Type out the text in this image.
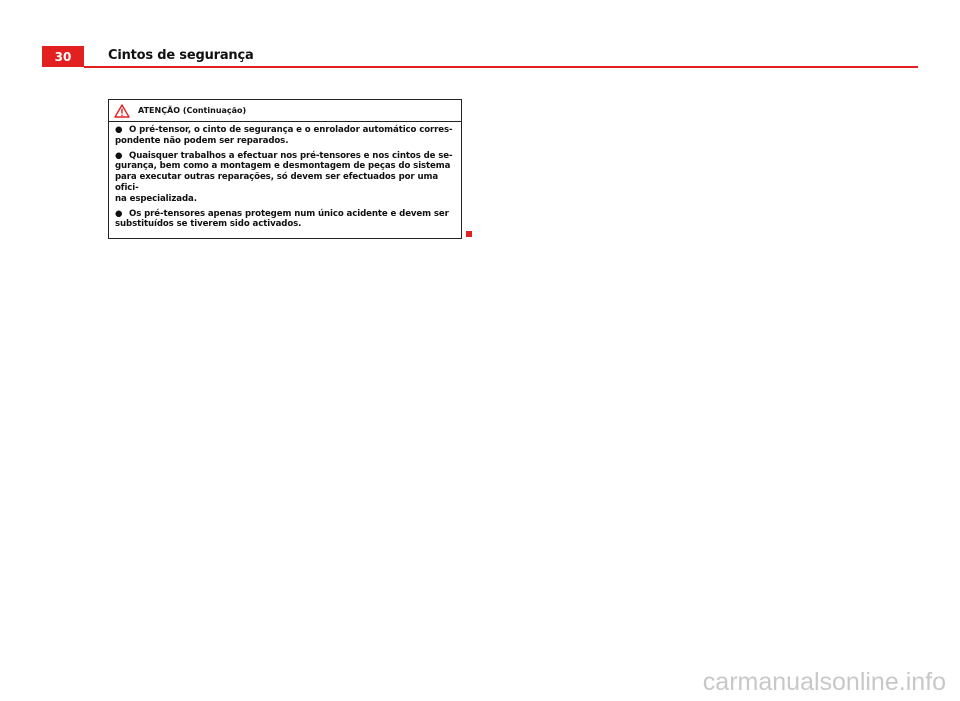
30	Cintos de segurança
ATENÇÃO (Continuação)

● O pré-tensor, o cinto de segurança e o enrolador automático corres-
pondente não podem ser reparados.

● Quaisquer trabalhos a efectuar nos pré-tensores e nos cintos de se-
gurança, bem como a montagem e desmontagem de peças do sistema
para executar outras reparações, só devem ser efectuados por uma ofici-
na especializada.

● Os pré-tensores apenas protegem num único acidente e devem ser
substituídos se tiverem sido activados.

carmanualsonline.info
